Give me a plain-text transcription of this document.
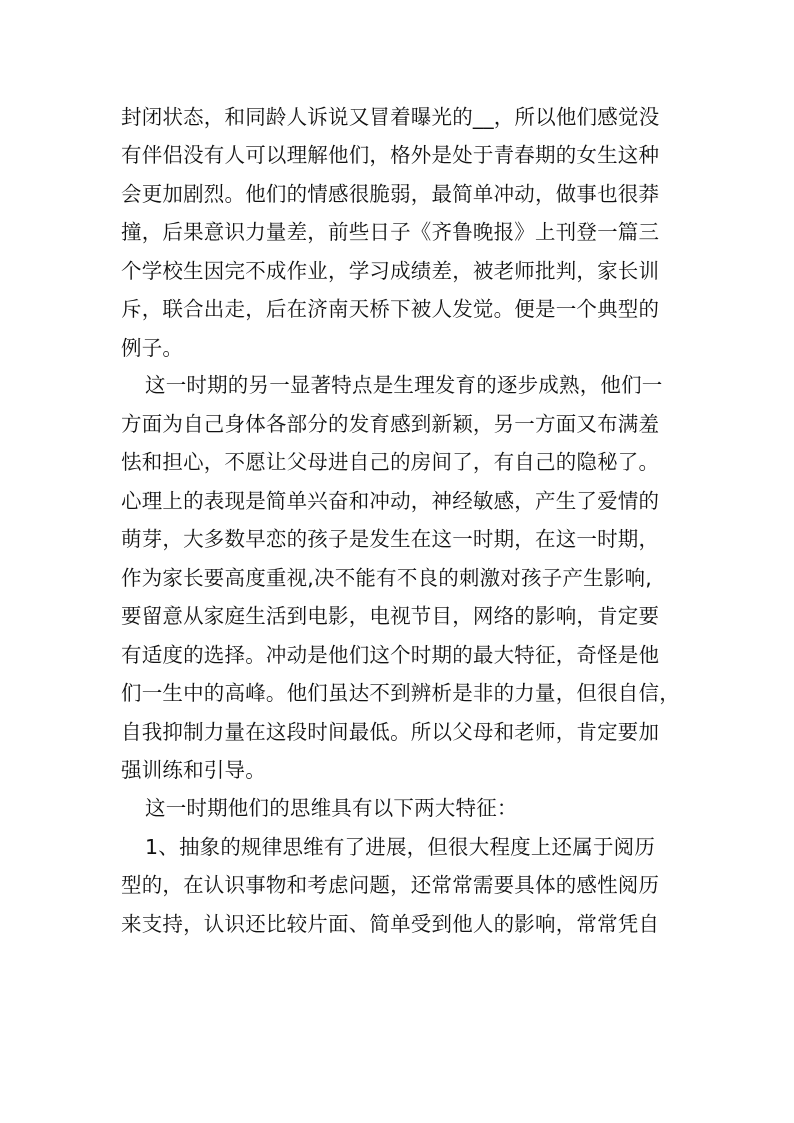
封闭状态，和同龄人诉说又冒着曝光的__，所以他们感觉没
有伴侣没有人可以理解他们，格外是处于青春期的女生这种
会更加剧烈。他们的情感很脆弱，最简单冲动，做事也很莽
撞，后果意识力量差，前些日子《齐鲁晚报》上刊登一篇三
个学校生因完不成作业，学习成绩差，被老师批判，家长训
斥，联合出走，后在济南天桥下被人发觉。便是一个典型的
例子。
这一时期的另一显著特点是生理发育的逐步成熟，他们一
方面为自己身体各部分的发育感到新颖，另一方面又布满羞
怯和担心，不愿让父母进自己的房间了，有自己的隐秘了。
心理上的表现是简单兴奋和冲动，神经敏感，产生了爱情的
萌芽，大多数早恋的孩子是发生在这一时期，在这一时期，
作为家长要高度重视,决不能有不良的刺激对孩子产生影响,
要留意从家庭生活到电影，电视节目，网络的影响，肯定要
有适度的选择。冲动是他们这个时期的最大特征，奇怪是他
们一生中的高峰。他们虽达不到辨析是非的力量，但很自信，
自我抑制力量在这段时间最低。所以父母和老师，肯定要加
强训练和引导。
这一时期他们的思维具有以下两大特征：
1、抽象的规律思维有了进展，但很大程度上还属于阅历
型的，在认识事物和考虑问题，还常常需要具体的感性阅历
来支持，认识还比较片面、简单受到他人的影响，常常凭自
